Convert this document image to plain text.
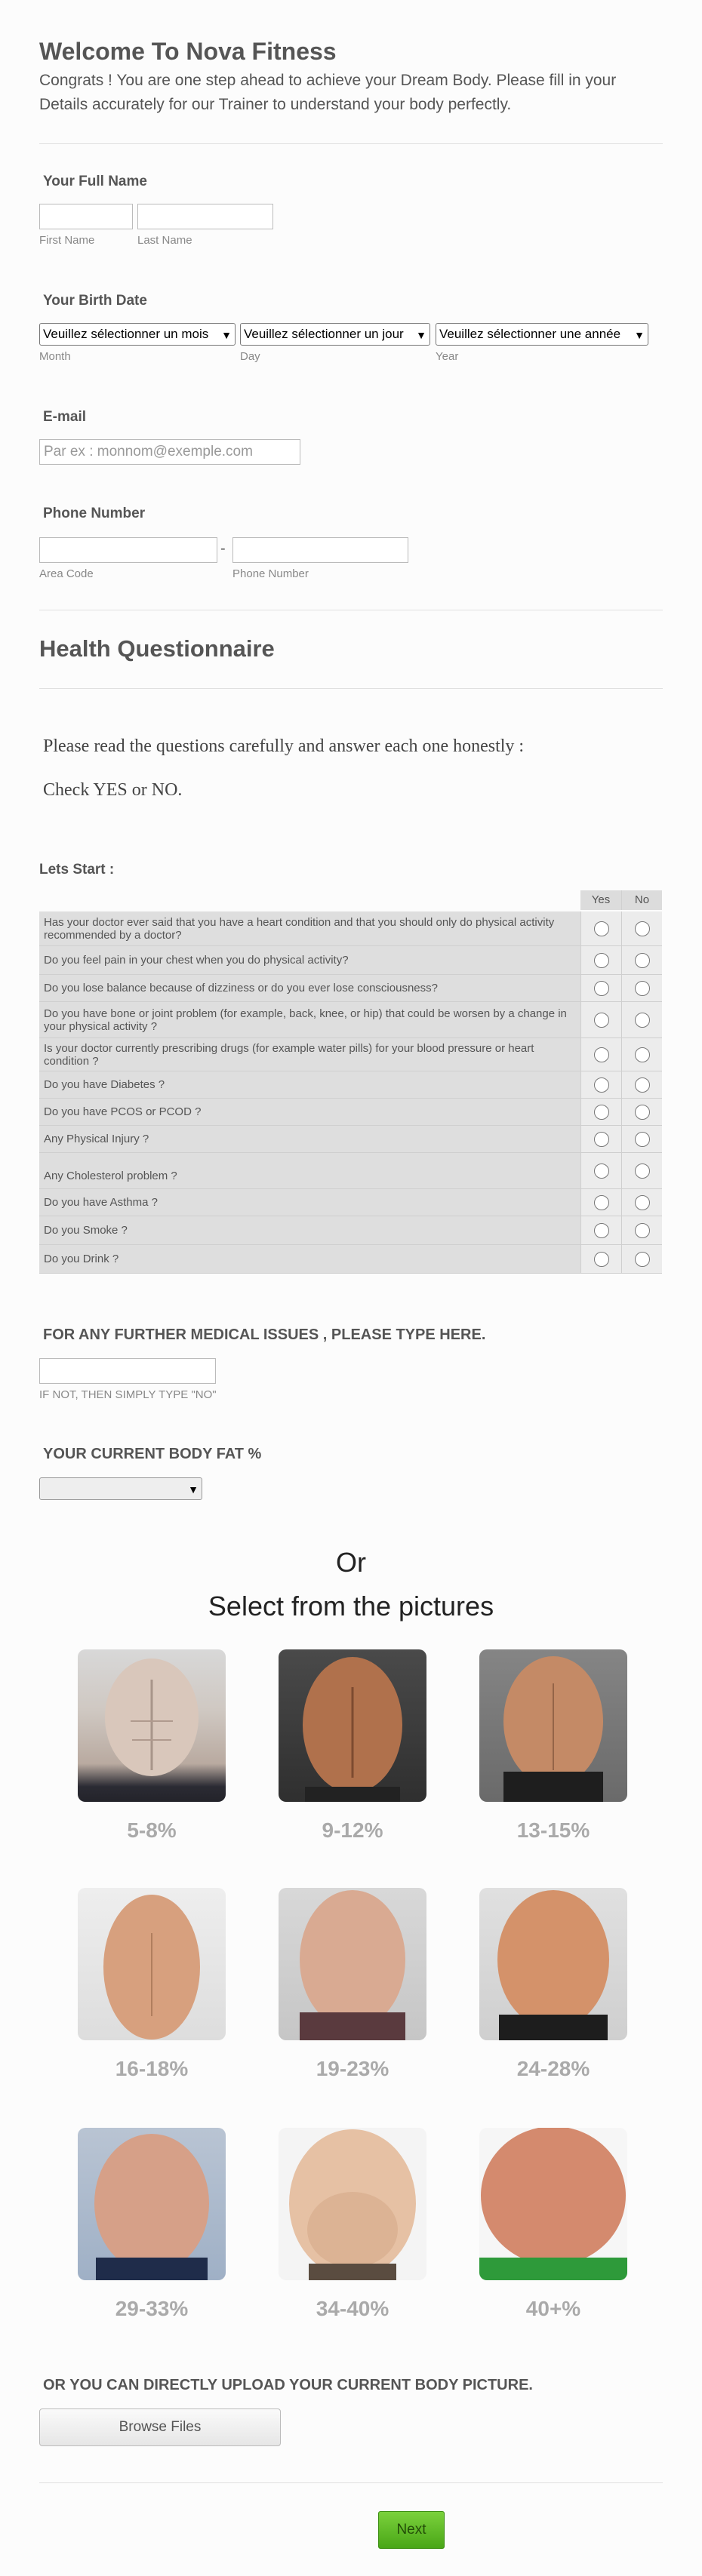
Welcome To Nova Fitness
Congrats ! You are one step ahead to achieve your Dream Body. Please fill in your
Details accurately for our Trainer to understand your body perfectly.
Your Full Name
First Name	Last Name
Your Birth Date
Veuillez sélectionner un mois ▼ Veuillez sélectionner un jour ▼ Veuillez sélectionner une année ▼
Month	Day	Year
E-mail
Par ex : monnom@exemple.com
Phone Number
-
Area Code	Phone Number
Health Questionnaire
Please read the questions carefully and answer each one honestly :
Check YES or NO.
Lets Start :
Yes	No
Has your doctor ever said that you have a heart condition and that you should only do physical activity recommended by a doctor?
Do you feel pain in your chest when you do physical activity?
Do you lose balance because of dizziness or do you ever lose consciousness?
Do you have bone or joint problem (for example, back, knee, or hip) that could be worsen by a change in your physical activity ?
Is your doctor currently prescribing drugs (for example water pills) for your blood pressure or heart condition ?
Do you have Diabetes ?
Do you have PCOS or PCOD ?
Any Physical Injury ?
Any Cholesterol problem ?
Do you have Asthma ?
Do you Smoke ?
Do you Drink ?
FOR ANY FURTHER MEDICAL ISSUES , PLEASE TYPE HERE.
IF NOT, THEN SIMPLY TYPE "NO"
YOUR CURRENT BODY FAT %
▼
Or
Select from the pictures
5-8%	9-12%	13-15%
16-18%	19-23%	24-28%
29-33%	34-40%	40+%
OR YOU CAN DIRECTLY UPLOAD YOUR CURRENT BODY PICTURE.
Browse Files
Next
